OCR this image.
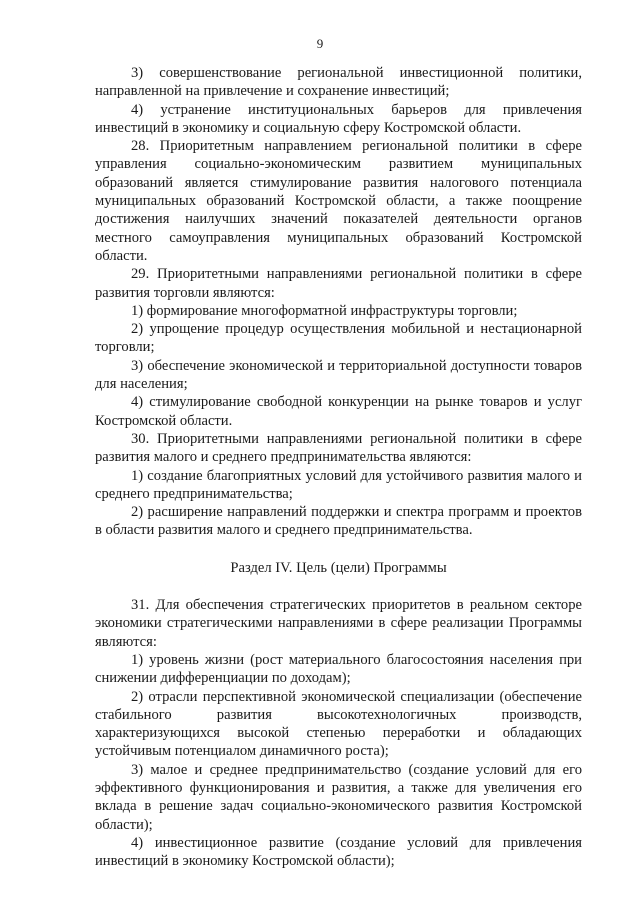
9

3) совершенствование региональной инвестиционной политики, направленной на привлечение и сохранение инвестиций;

4) устранение институциональных барьеров для привлечения инвестиций в экономику и социальную сферу Костромской области.

28. Приоритетным направлением региональной политики в сфере управления социально-экономическим развитием муниципальных образований является стимулирование развития налогового потенциала муниципальных образований Костромской области, а также поощрение достижения наилучших значений показателей деятельности органов местного самоуправления муниципальных образований Костромской области.

29. Приоритетными направлениями региональной политики в сфере развития торговли являются:

1) формирование многоформатной инфраструктуры торговли;

2) упрощение процедур осуществления мобильной и нестационарной торговли;

3) обеспечение экономической и территориальной доступности товаров для населения;

4) стимулирование свободной конкуренции на рынке товаров и услуг Костромской области.

30. Приоритетными направлениями региональной политики в сфере развития малого и среднего предпринимательства являются:

1) создание благоприятных условий для устойчивого развития малого и среднего предпринимательства;

2) расширение направлений поддержки и спектра программ и проектов в области развития малого и среднего предпринимательства.

Раздел IV. Цель (цели) Программы

31. Для обеспечения стратегических приоритетов в реальном секторе экономики стратегическими направлениями в сфере реализации Программы являются:

1) уровень жизни (рост материального благосостояния населения при снижении дифференциации по доходам);

2) отрасли перспективной экономической специализации (обеспечение стабильного развития высокотехнологичных производств, характеризующихся высокой степенью переработки и обладающих устойчивым потенциалом динамичного роста);

3) малое и среднее предпринимательство (создание условий для его эффективного функционирования и развития, а также для увеличения его вклада в решение задач социально-экономического развития Костромской области);

4) инвестиционное развитие (создание условий для привлечения инвестиций в экономику Костромской области);
